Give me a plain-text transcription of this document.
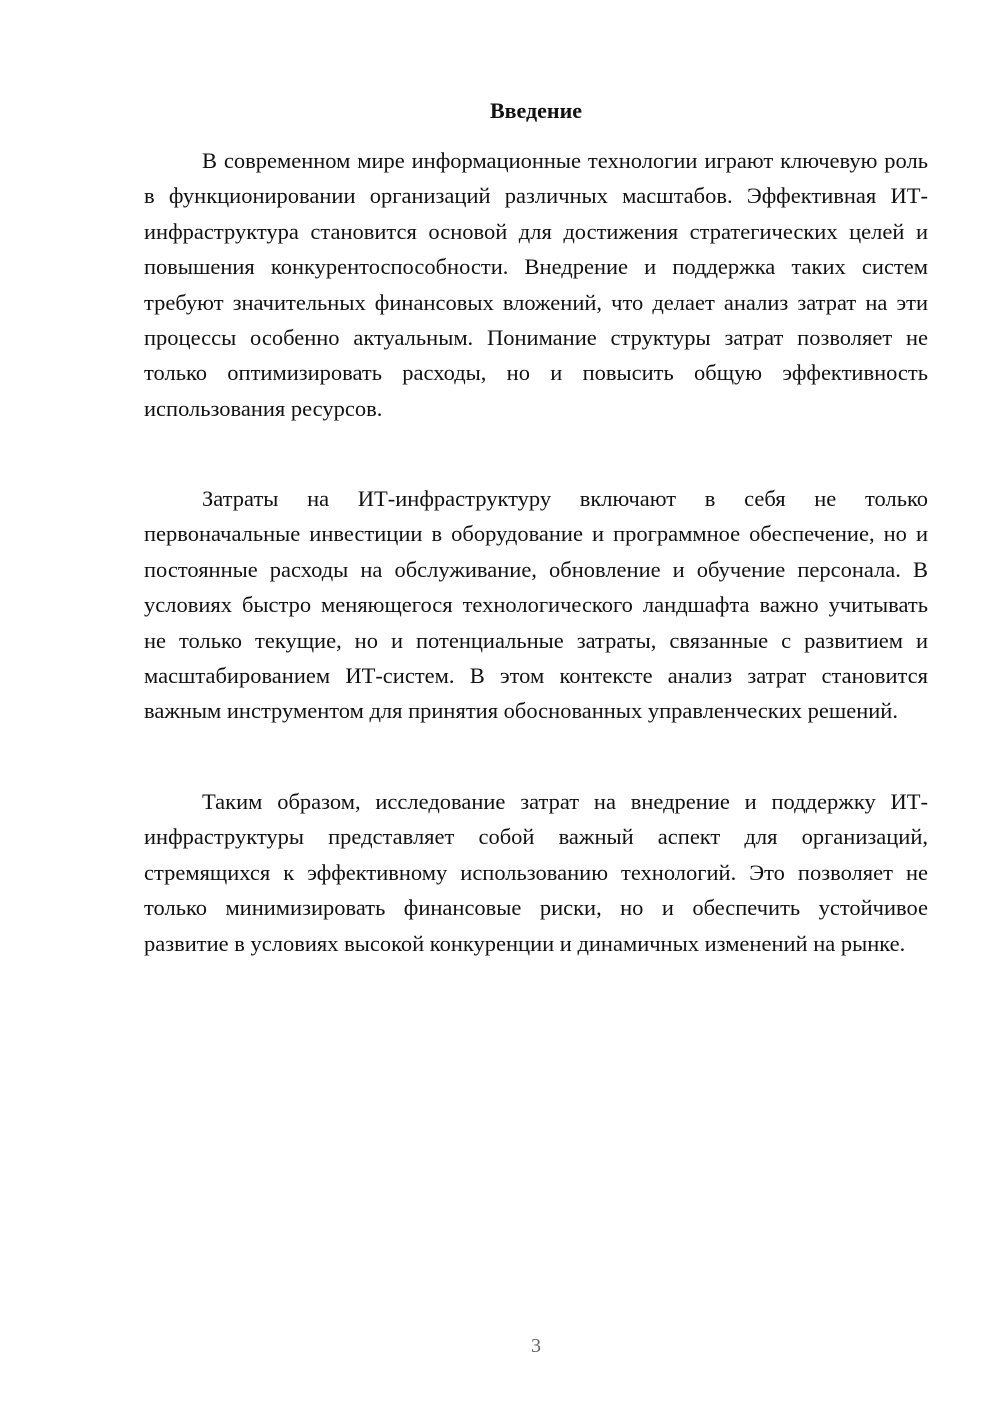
Введение

В современном мире информационные технологии играют ключевую роль в функционировании организаций различных масштабов. Эффективная ИТ-инфраструктура становится основой для достижения стратегических целей и повышения конкурентоспособности. Внедрение и поддержка таких систем требуют значительных финансовых вложений, что делает анализ затрат на эти процессы особенно актуальным. Понимание структуры затрат позволяет не только оптимизировать расходы, но и повысить общую эффективность использования ресурсов.

Затраты на ИТ-инфраструктуру включают в себя не только первоначальные инвестиции в оборудование и программное обеспечение, но и постоянные расходы на обслуживание, обновление и обучение персонала. В условиях быстро меняющегося технологического ландшафта важно учитывать не только текущие, но и потенциальные затраты, связанные с развитием и масштабированием ИТ-систем. В этом контексте анализ затрат становится важным инструментом для принятия обоснованных управленческих решений.

Таким образом, исследование затрат на внедрение и поддержку ИТ-инфраструктуры представляет собой важный аспект для организаций, стремящихся к эффективному использованию технологий. Это позволяет не только минимизировать финансовые риски, но и обеспечить устойчивое развитие в условиях высокой конкуренции и динамичных изменений на рынке.

3
